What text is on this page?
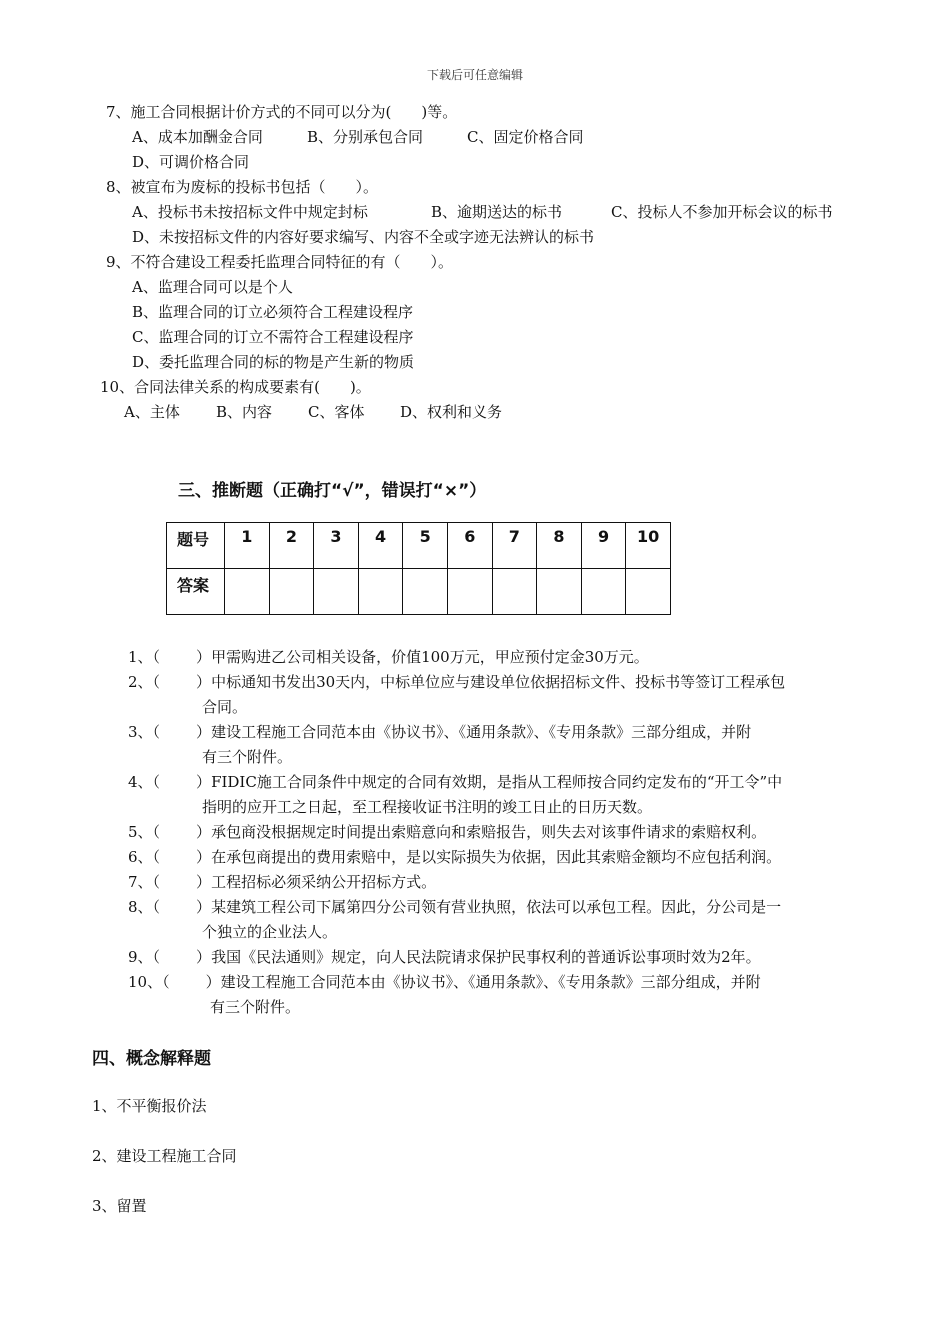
下载后可任意编辑
7、施工合同根据计价方式的不同可以分为(　　)等。
A、成本加酬金合同	B、分别承包合同	C、固定价格合同
D、可调价格合同
8、被宣布为废标的投标书包括（　　）。
A、投标书未按招标文件中规定封标	B、逾期送达的标书	C、投标人不参加开标会议的标书
D、未按招标文件的内容好要求编写、内容不全或字迹无法辨认的标书
9、不符合建设工程委托监理合同特征的有（　　）。
A、监理合同可以是个人
B、监理合同的订立必须符合工程建设程序
C、监理合同的订立不需符合工程建设程序
D、委托监理合同的标的物是产生新的物质
10、合同法律关系的构成要素有(　　)。
A、主体 B、内容 C、客体 D、权利和义务
三、推断题（正确打“√”，错误打“×”）
题号	1	2	3	4	5	6	7	8	9	10
答案										
1、（ ）甲需购进乙公司相关设备，价值100万元，甲应预付定金30万元。
2、（ ）中标通知书发出30天内，中标单位应与建设单位依据招标文件、投标书等签订工程承包
合同。
3、（ ）建设工程施工合同范本由《协议书》、《通用条款》、《专用条款》三部分组成，并附
有三个附件。
4、（ ）FIDIC施工合同条件中规定的合同有效期，是指从工程师按合同约定发布的“开工令”中
指明的应开工之日起，至工程接收证书注明的竣工日止的日历天数。
5、（ ）承包商没根据规定时间提出索赔意向和索赔报告，则失去对该事件请求的索赔权利。
6、（ ）在承包商提出的费用索赔中，是以实际损失为依据，因此其索赔金额均不应包括利润。
7、（ ）工程招标必须采纳公开招标方式。
8、（ ）某建筑工程公司下属第四分公司领有营业执照，依法可以承包工程。因此，分公司是一
个独立的企业法人。
9、（ ）我国《民法通则》规定，向人民法院请求保护民事权利的普通诉讼事项时效为2年。
10、（ ）建设工程施工合同范本由《协议书》、《通用条款》、《专用条款》三部分组成，并附
有三个附件。
四、概念解释题
1、不平衡报价法
2、建设工程施工合同
3、留置
